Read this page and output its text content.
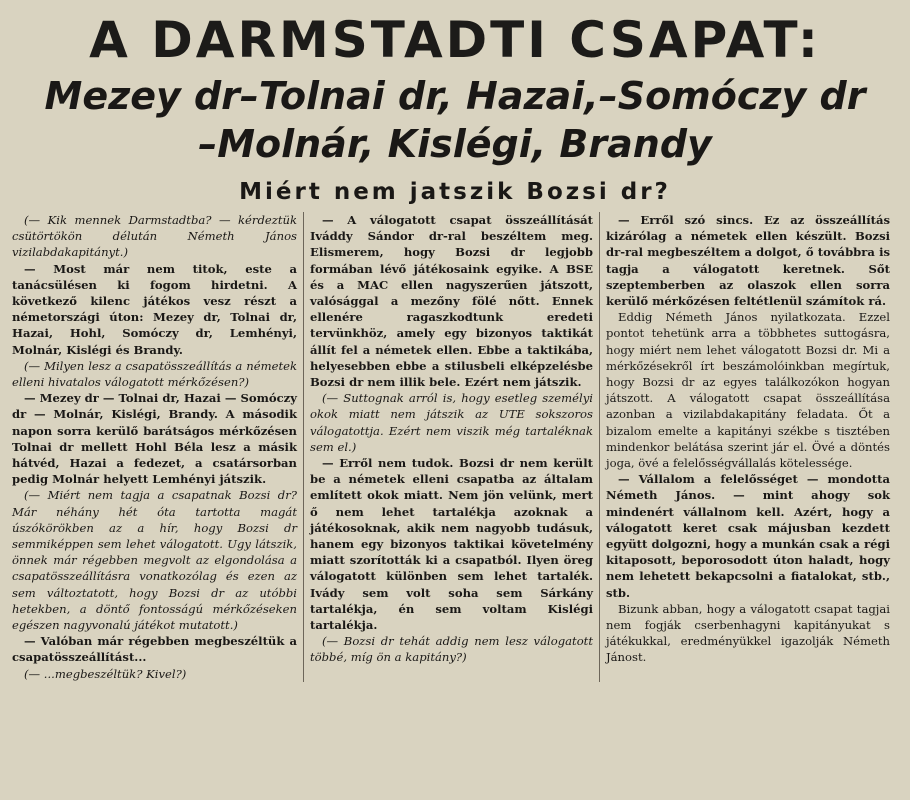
A DARMSTADTI CSAPAT:
Mezey dr–Tolnai dr, Hazai,–Somóczy dr
–Molnár, Kislégi, Brandy
Miért nem jatszik Bozsi dr?

(— Kik mennek Darmstadtba? — kérdeztük csütörtökön délután Németh János vizilabdakapitányt.)

— Most már nem titok, este a tanácsülésen ki fogom hirdetni. A következő kilenc játékos vesz részt a németországi úton: Mezey dr, Tolnai dr, Hazai, Hohl, Somóczy dr, Lemhényi, Molnár, Kislégi és Brandy.

(— Milyen lesz a csapatösszeállítás a németek elleni hivatalos válogatott mérkőzésen?)

— Mezey dr — Tolnai dr, Hazai — Somóczy dr — Molnár, Kislégi, Brandy. A második napon sorra kerülő barátságos mérkőzésen Tolnai dr mellett Hohl Béla lesz a másik hátvéd, Hazai a fedezet, a csatársorban pedig Molnár helyett Lemhényi játszik.

(— Miért nem tagja a csapatnak Bozsi dr? Már néhány hét óta tartotta magát úszókörökben az a hír, hogy Bozsi dr semmiképpen sem lehet válogatott. Ugy látszik, önnek már régebben megvolt az elgondolása a csapatösszeállításra vonatkozólag és ezen az sem változtatott, hogy Bozsi dr az utóbbi hetekben, a döntő fontosságú mérkőzéseken egészen nagyvonalú játékot mutatott.)

— Valóban már régebben megbeszéltük a csapatösszeállítást...

(— ...megbeszéltük? Kivel?)

— A válogatott csapat összeállítását Iváddy Sándor dr-ral beszéltem meg. Elismerem, hogy Bozsi dr legjobb formában lévő játékosaink egyike. A BSE és a MAC ellen nagyszerűen játszott, valósággal a mezőny fölé nőtt. Ennek ellenére ragaszkodtunk eredeti tervünkhöz, amely egy bizonyos taktikát állít fel a németek ellen. Ebbe a taktikába, helyesebben ebbe a stilusbeli elképzelésbe Bozsi dr nem illik bele. Ezért nem játszik.

(— Suttognak arról is, hogy esetleg személyi okok miatt nem játszik az UTE sokszoros válogatottja. Ezért nem viszik még tartaléknak sem el.)

— Erről nem tudok. Bozsi dr nem került be a németek elleni csapatba az általam említett okok miatt. Nem jön velünk, mert ő nem lehet tartalékja azoknak a játékosoknak, akik nem nagyobb tudásuk, hanem egy bizonyos taktikai követelmény miatt szorították ki a csapatból. Ilyen öreg válogatott különben sem lehet tartalék. Ivády sem volt soha sem Sárkány tartalékja, én sem voltam Kislégi tartalékja.

(— Bozsi dr tehát addig nem lesz válogatott többé, míg ön a kapitány?)

— Erről szó sincs. Ez az összeállítás kizárólag a németek ellen készült. Bozsi dr-ral megbeszéltem a dolgot, ő továbbra is tagja a válogatott keretnek. Sőt szeptemberben az olaszok ellen sorra kerülő mérkőzésen feltétlenül számítok rá.

Eddig Németh János nyilatkozata. Ezzel pontot tehetünk arra a többhetes suttogásra, hogy miért nem lehet válogatott Bozsi dr. Mi a mérkőzésekről írt beszámolóinkban megírtuk, hogy Bozsi dr az egyes találkozókon hogyan játszott. A válogatott csapat összeállítása azonban a vizilabdakapitány feladata. Őt a bizalom emelte a kapitányi székbe s tisztében mindenkor belátása szerint jár el. Övé a döntés joga, övé a felelősségvállalás kötelessége.

— Vállalom a felelősséget — mondotta Németh János. — mint ahogy sok mindenért vállalnom kell. Azért, hogy a válogatott keret csak májusban kezdett együtt dolgozni, hogy a munkán csak a régi kitaposott, beporosodott úton haladt, hogy nem lehetett bekapcsolni a fiatalokat, stb., stb.

Bizunk abban, hogy a válogatott csapat tagjai nem fogják cserbenhagyni kapitányukat s játékukkal, eredményükkel igazolják Németh Jánost.
